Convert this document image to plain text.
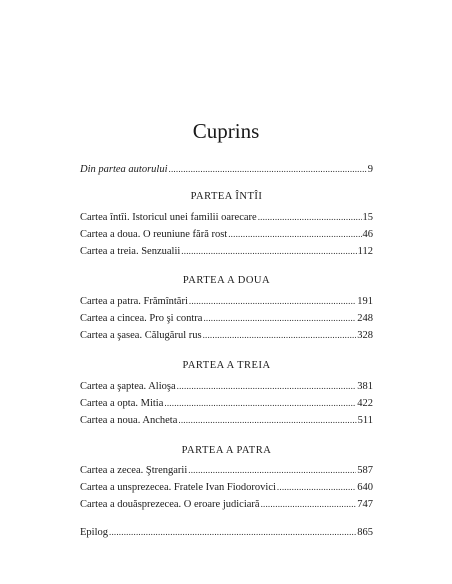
Cuprins
Din partea autorului .....	9
PARTEA ÎNTÎI
Cartea întîi. Istoricul unei familii oarecare .....	15
Cartea a doua. O reuniune fără rost .....	46
Cartea a treia. Senzualii .....	112
PARTEA A DOUA
Cartea a patra. Frămîntări .....	191
Cartea a cincea. Pro şi contra .....	248
Cartea a şasea. Călugărul rus .....	328
PARTEA A TREIA
Cartea a şaptea. Alioşa .....	381
Cartea a opta. Mitia .....	422
Cartea a noua. Ancheta .....	511
PARTEA A PATRA
Cartea a zecea. Ştrengarii .....	587
Cartea a unsprezecea. Fratele Ivan Fiodorovici .....	640
Cartea a douăsprezecea. O eroare judiciară .....	747
Epilog .....	865
